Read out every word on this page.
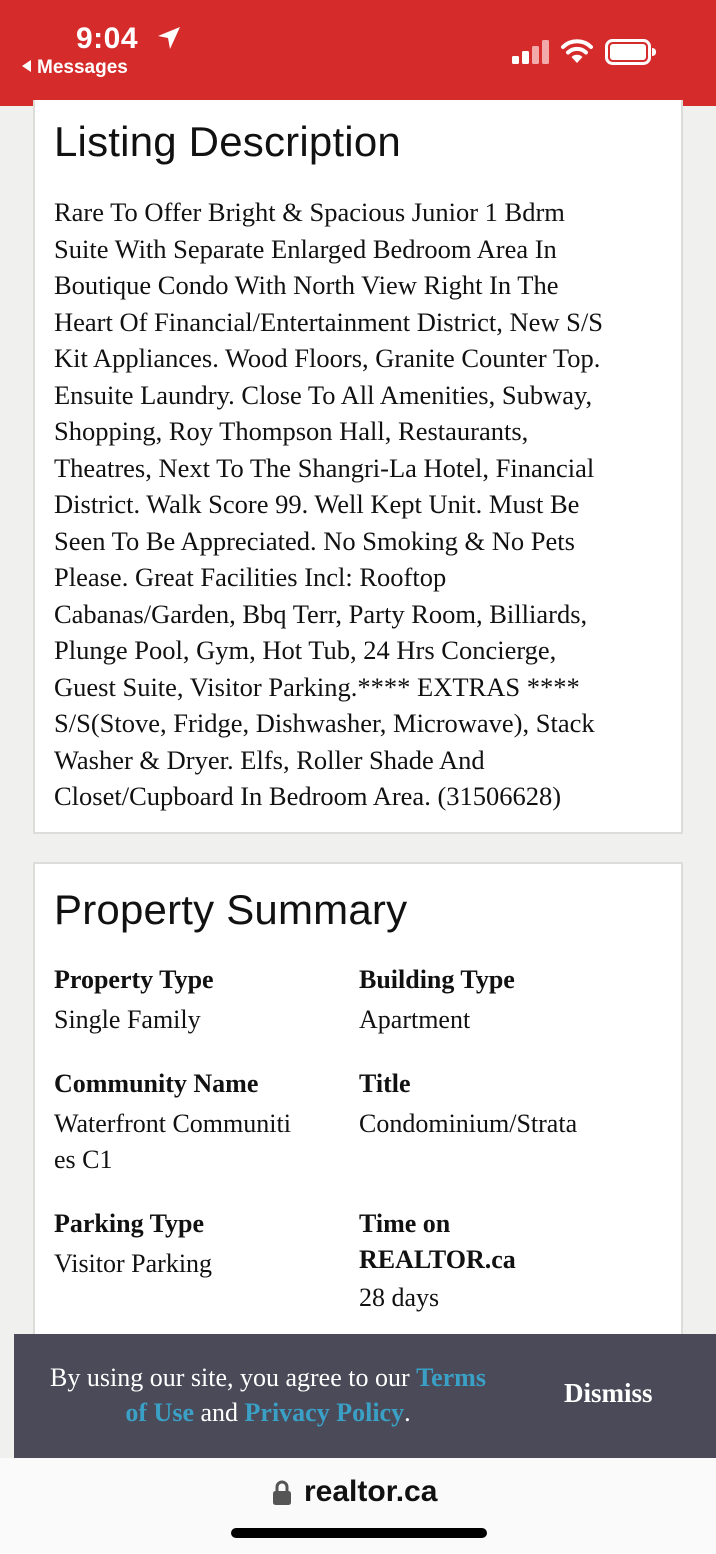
9:04
Messages
Listing Description
Rare To Offer Bright & Spacious Junior 1 Bdrm
Suite With Separate Enlarged Bedroom Area In
Boutique Condo With North View Right In The
Heart Of Financial/Entertainment District, New S/S
Kit Appliances. Wood Floors, Granite Counter Top.
Ensuite Laundry. Close To All Amenities, Subway,
Shopping, Roy Thompson Hall, Restaurants,
Theatres, Next To The Shangri-La Hotel, Financial
District. Walk Score 99. Well Kept Unit. Must Be
Seen To Be Appreciated. No Smoking & No Pets
Please. Great Facilities Incl: Rooftop
Cabanas/Garden, Bbq Terr, Party Room, Billiards,
Plunge Pool, Gym, Hot Tub, 24 Hrs Concierge,
Guest Suite, Visitor Parking.**** EXTRAS ****
S/S(Stove, Fridge, Dishwasher, Microwave), Stack
Washer & Dryer. Elfs, Roller Shade And
Closet/Cupboard In Bedroom Area. (31506628)
Property Summary
Property Type
Single Family
Building Type
Apartment
Community Name
Waterfront Communiti
es C1
Title
Condominium/Strata
Parking Type
Visitor Parking
Time on
REALTOR.ca
28 days
By using our site, you agree to our Terms
of Use and Privacy Policy.
Dismiss
realtor.ca
